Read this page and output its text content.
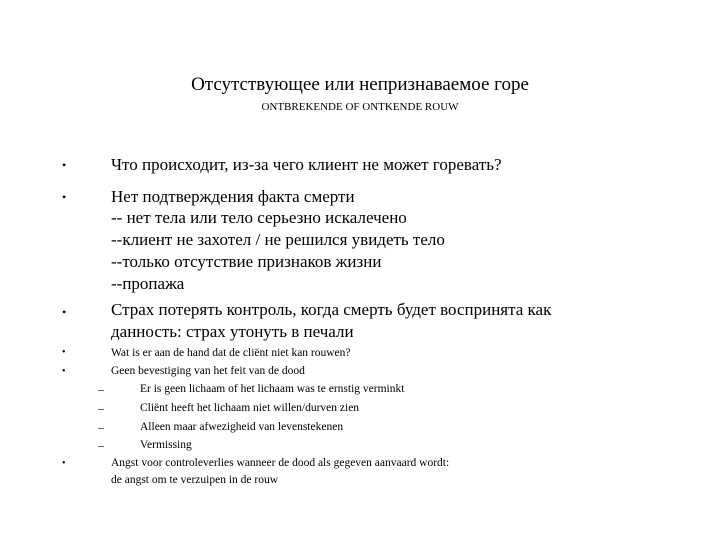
Отсутствующее или непризнаваемое горе
ONTBREKENDE OF ONTKENDE ROUW
•	Что происходит, из-за чего клиент не может горевать?
•	Нет подтверждения факта смерти
-- нет тела или тело серьезно искалечено
--клиент не захотел / не решился увидеть тело
--только отсутствие признаков жизни
--пропажа
•	Страх потерять контроль, когда смерть будет воспринята как
данность: страх утонуть в печали
•	Wat is er aan de hand dat de cliënt niet kan rouwen?
•	Geen bevestiging van het feit van de dood
–	Er is geen lichaam of het lichaam was te ernstig verminkt
–	Cliënt heeft het lichaam niet willen/durven zien
–	Alleen maar afwezigheid van levenstekenen
–	Vermissing
•	Angst voor controleverlies wanneer de dood als gegeven aanvaard wordt:
de angst om te verzuipen in de rouw
